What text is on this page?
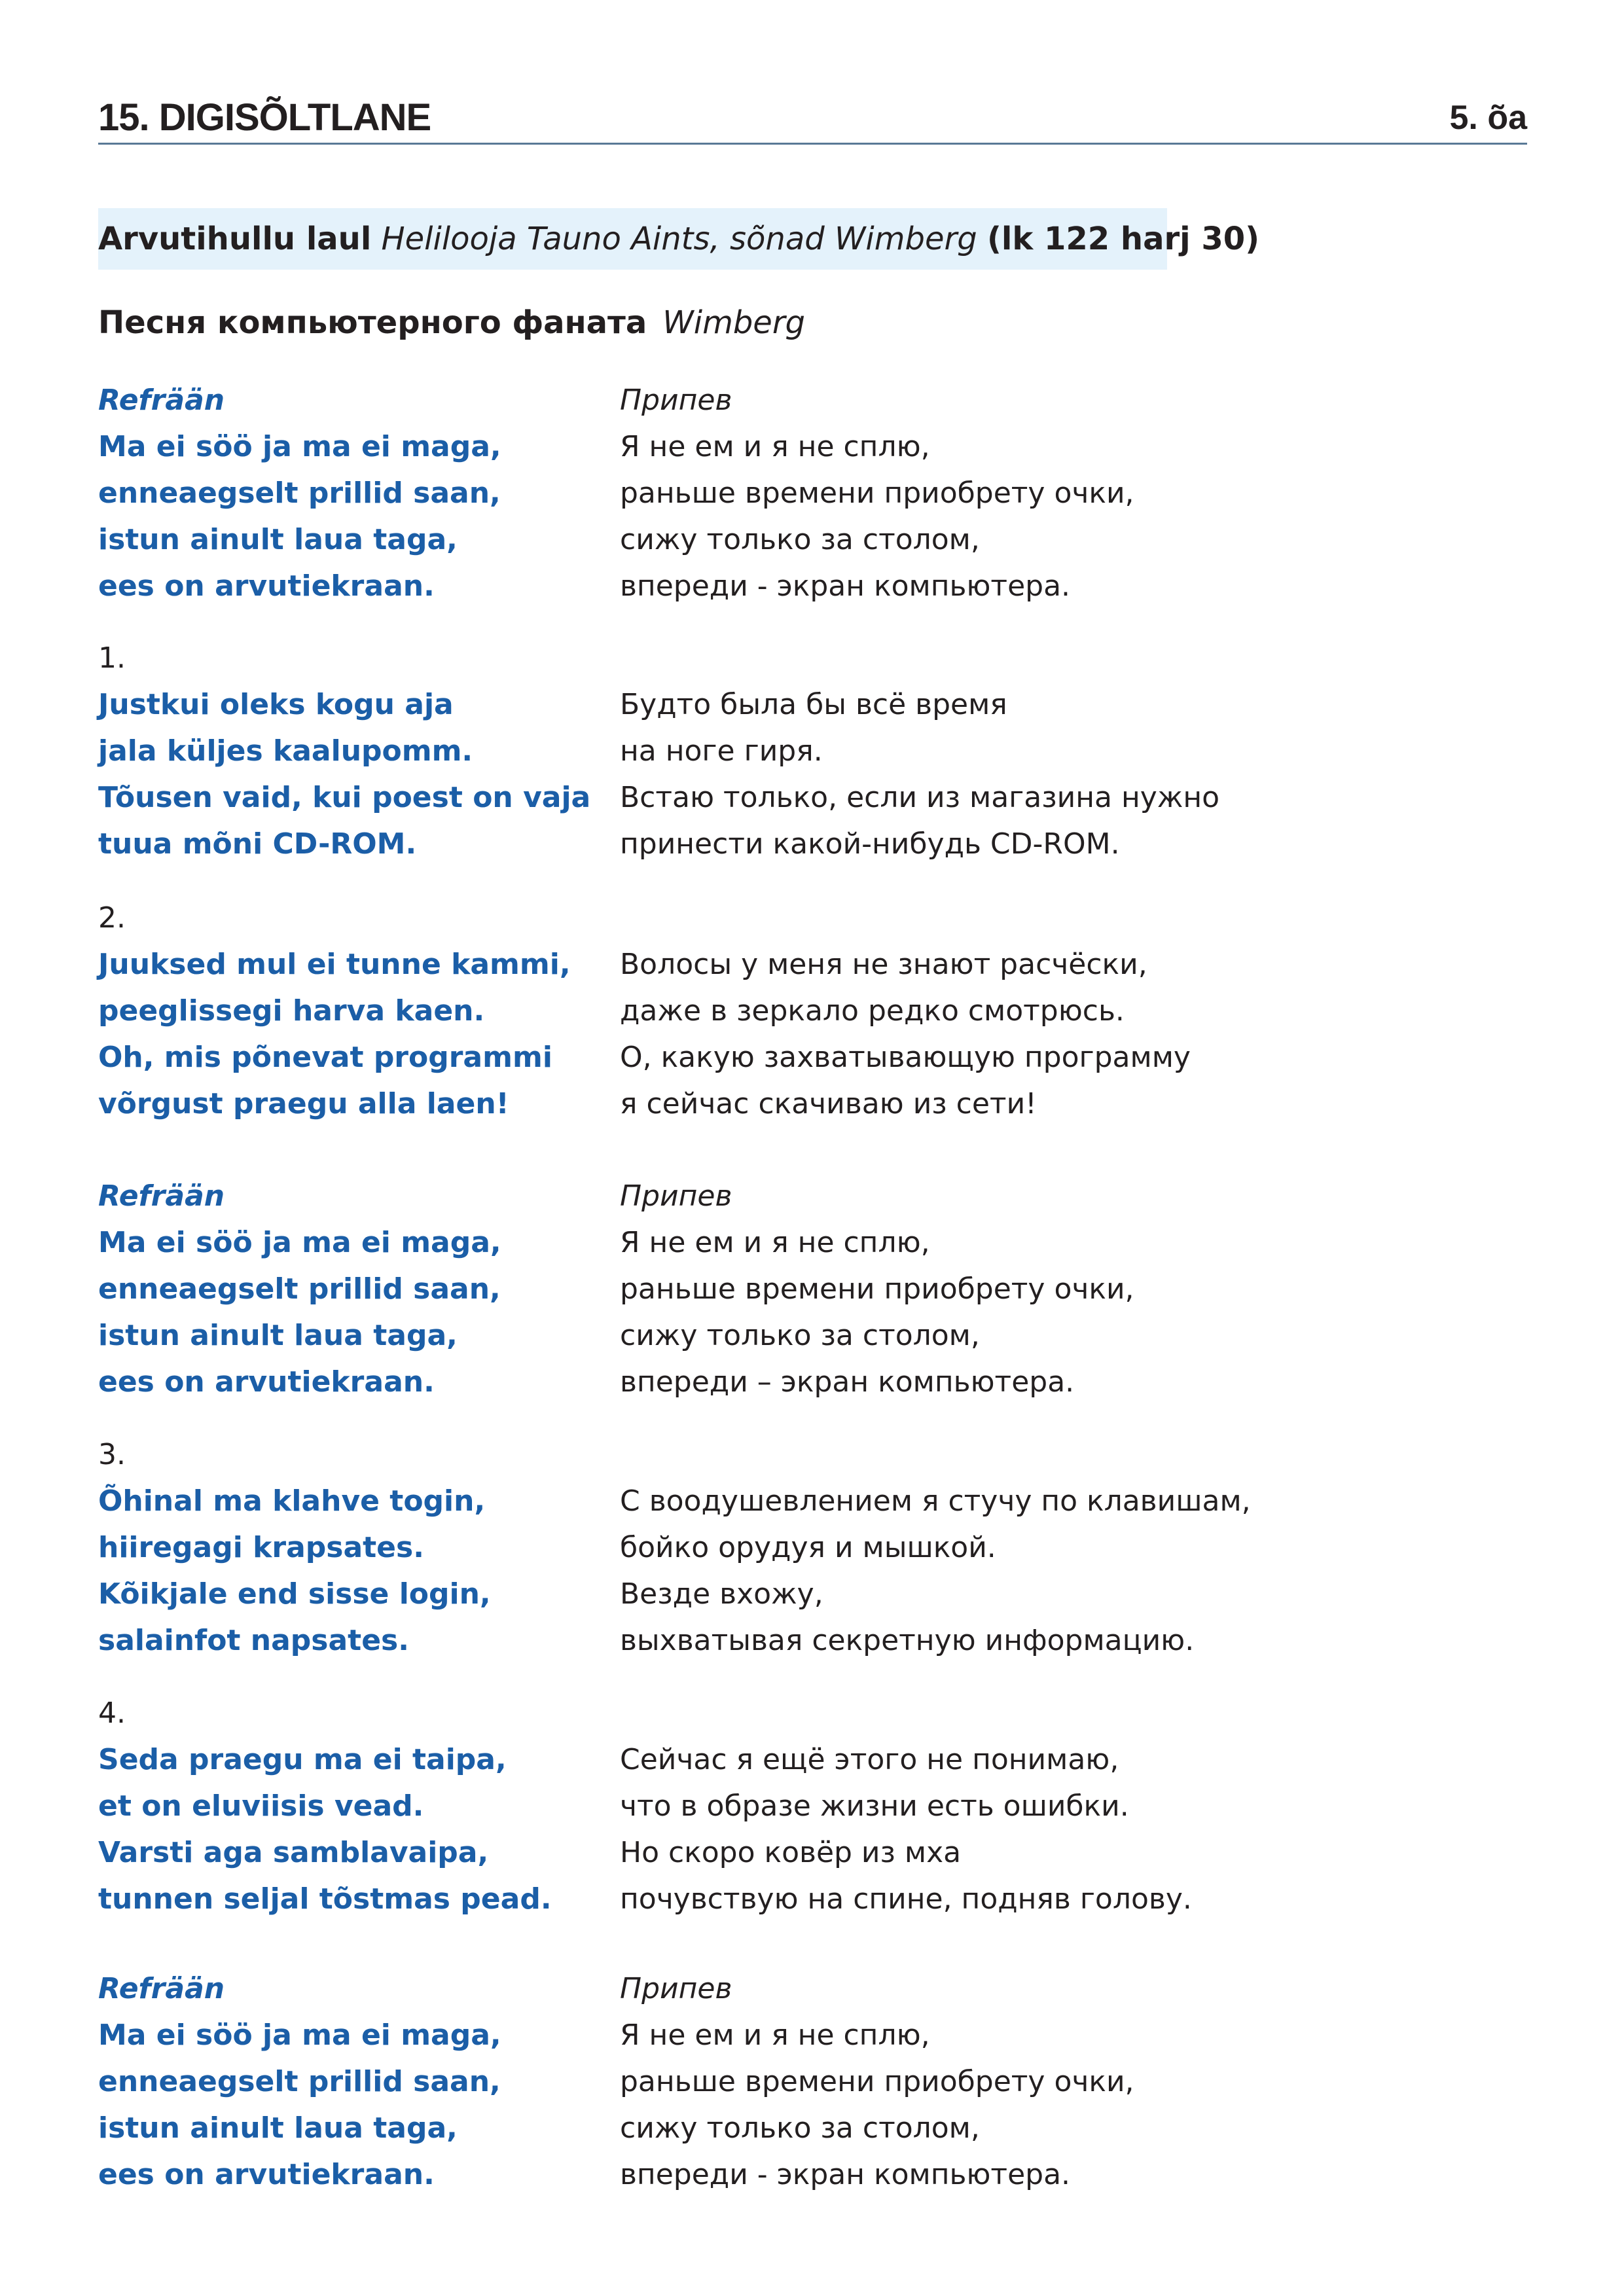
15. DIGISÕLTLANE	5. õa
Arvutihullu laul Helilooja Tauno Aints, sõnad Wimberg (lk 122 harj 30)
Песня компьютерного фаната Wimberg
Refrään
Ma ei söö ja ma ei maga,
enneaegselt prillid saan,
istun ainult laua taga,
ees on arvutiekraan.
Припев
Я не ем и я не сплю,
раньше времени приобрету очки,
сижу только за столом,
впереди - экран компьютера.
1.
Justkui oleks kogu aja
jala küljes kaalupomm.
Tõusen vaid, kui poest on vaja
tuua mõni CD-ROM.
Будто была бы всё время
на ноге гиря.
Встаю только, если из магазина нужно
принести какой-нибудь CD-ROM.
2.
Juuksed mul ei tunne kammi,
peeglissegi harva kaen.
Oh, mis põnevat programmi
võrgust praegu alla laen!
Волосы у меня не знают расчёски,
даже в зеркало редко смотрюсь.
О, какую захватывающую программу
я сейчас скачиваю из сети!
Refrään
Ma ei söö ja ma ei maga,
enneaegselt prillid saan,
istun ainult laua taga,
ees on arvutiekraan.
Припев
Я не ем и я не сплю,
раньше времени приобрету очки,
сижу только за столом,
впереди – экран компьютера.
3.
Õhinal ma klahve togin,
hiiregagi krapsates.
Kõikjale end sisse login,
salainfot napsates.
С воодушевлением я стучу по клавишам,
бойко орудуя и мышкой.
Везде вхожу,
выхватывая секретную информацию.
4.
Seda praegu ma ei taipa,
et on eluviisis vead.
Varsti aga samblavaipa,
tunnen seljal tõstmas pead.
Сейчас я ещё этого не понимаю,
что в образе жизни есть ошибки.
Но скоро ковёр из мха
почувствую на спине, подняв голову.
Refrään
Ma ei söö ja ma ei maga,
enneaegselt prillid saan,
istun ainult laua taga,
ees on arvutiekraan.
Припев
Я не ем и я не сплю,
раньше времени приобрету очки,
сижу только за столом,
впереди - экран компьютера.
